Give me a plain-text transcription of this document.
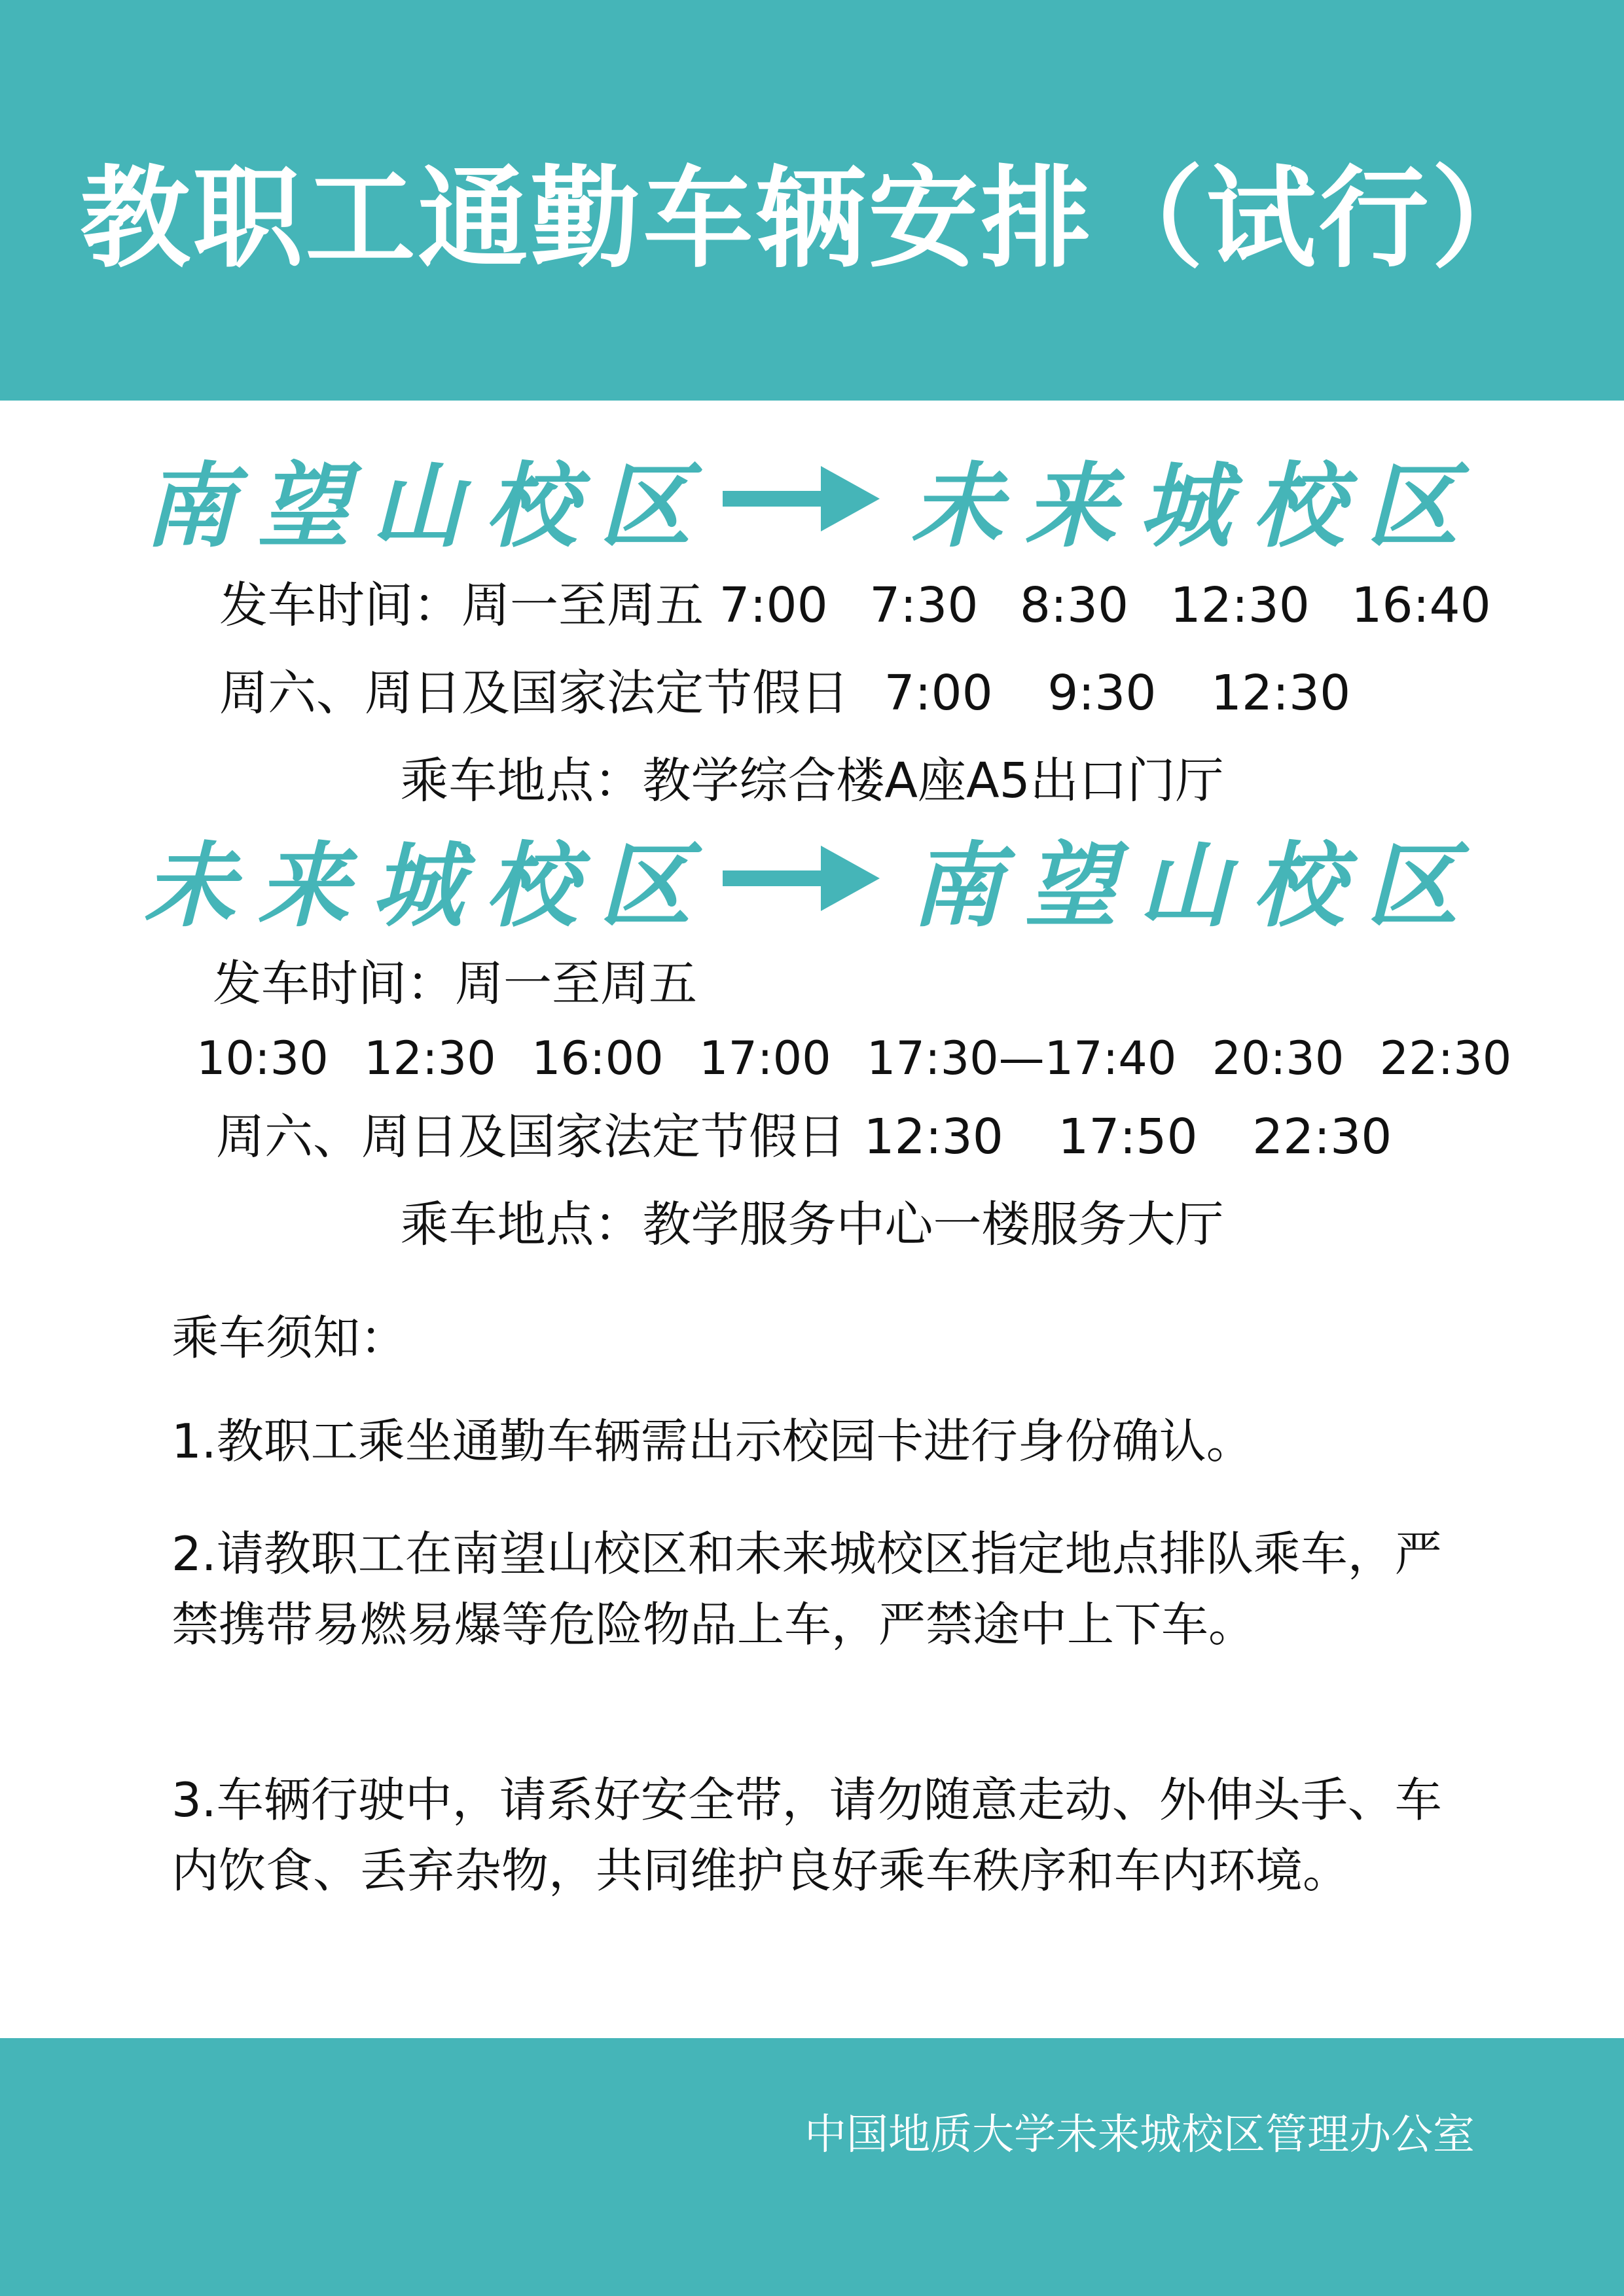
教职工通勤车辆安排（试行）
南望山校区 未来城校区
发车时间：周一至周五 7:00 7:30 8:30 12:30 16:40
周六、周日及国家法定节假日 7:00 9:30 12:30
乘车地点：教学综合楼A座A5出口门厅
未来城校区 南望山校区
发车时间：周一至周五
10:30 12:30 16:00 17:00 17:30—17:40 20:30 22:30
周六、周日及国家法定节假日 12:30 17:50 22:30
乘车地点：教学服务中心一楼服务大厅
乘车须知：
1.教职工乘坐通勤车辆需出示校园卡进行身份确认。
2.请教职工在南望山校区和未来城校区指定地点排队乘车，严禁携带易燃易爆等危险物品上车，严禁途中上下车。
3.车辆行驶中，请系好安全带，请勿随意走动、外伸头手、车内饮食、丢弃杂物，共同维护良好乘车秩序和车内环境。
中国地质大学未来城校区管理办公室
